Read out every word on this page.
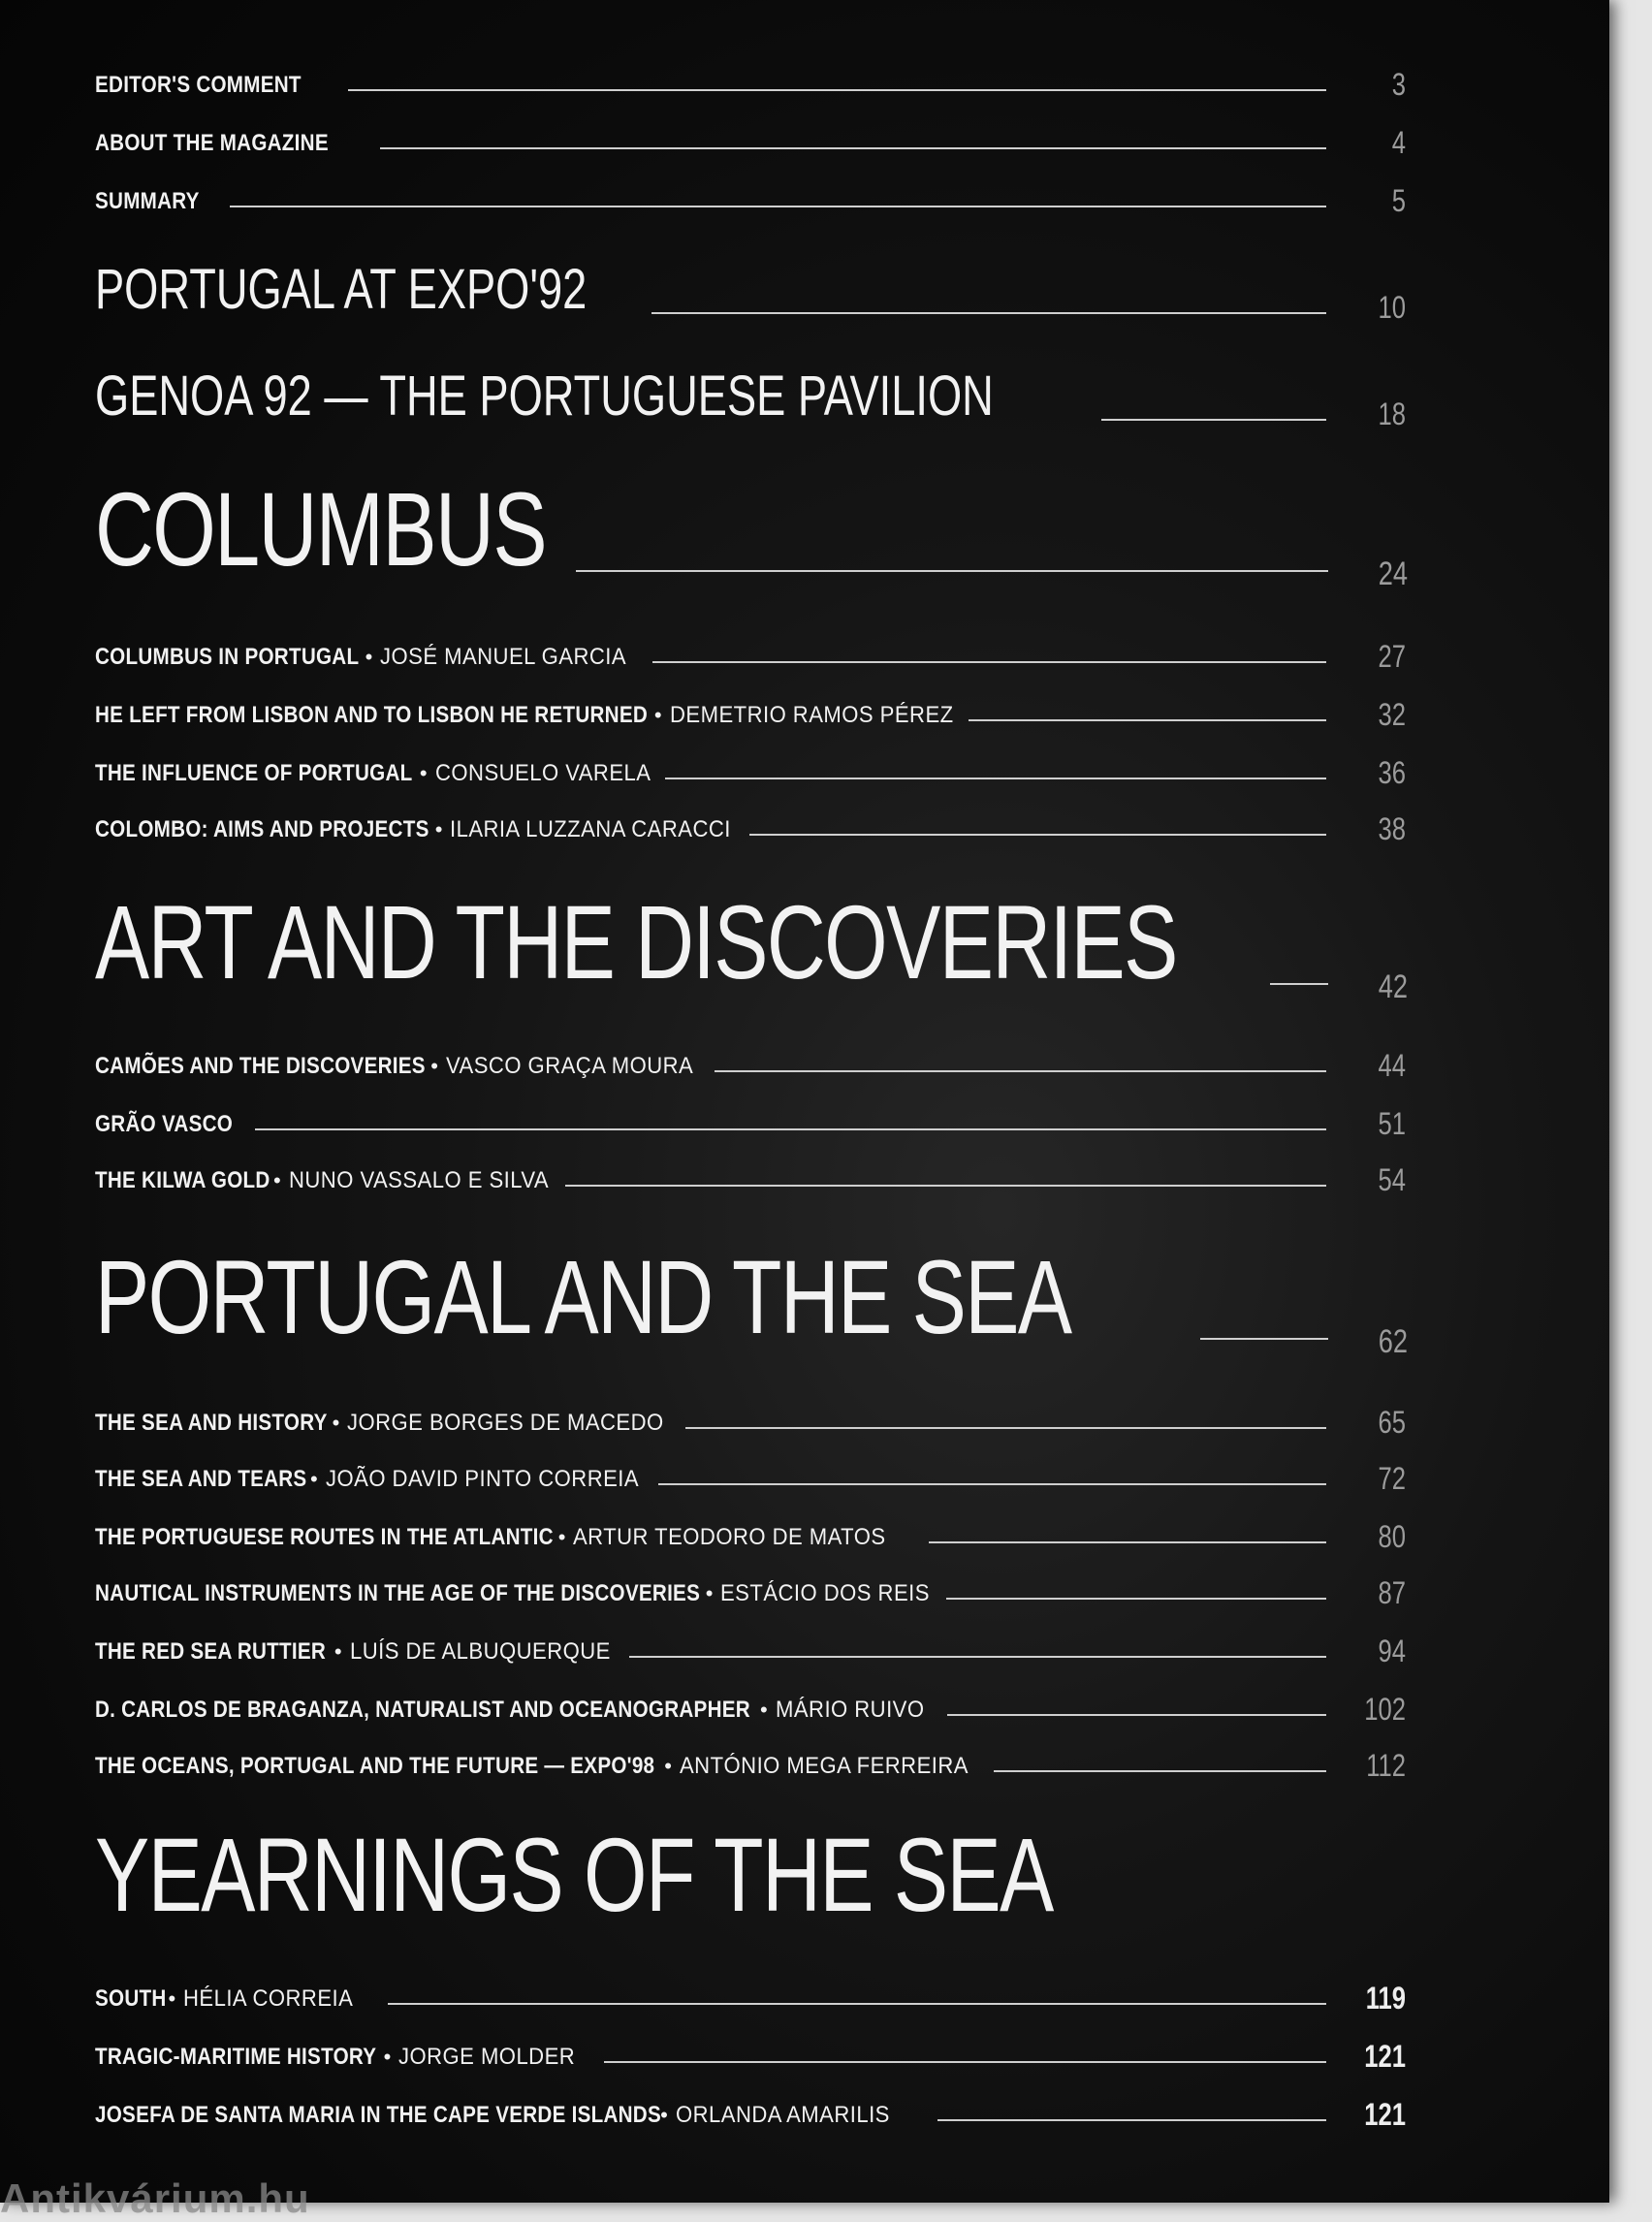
EDITOR'S COMMENT	3
ABOUT THE MAGAZINE	4
SUMMARY	5
PORTUGAL AT EXPO'92	10
GENOA 92 — THE PORTUGUESE PAVILION	18
COLUMBUS	24
COLUMBUS IN PORTUGAL • JOSÉ MANUEL GARCIA	27
HE LEFT FROM LISBON AND TO LISBON HE RETURNED • DEMETRIO RAMOS PÉREZ	32
THE INFLUENCE OF PORTUGAL • CONSUELO VARELA	36
COLOMBO: AIMS AND PROJECTS • ILARIA LUZZANA CARACCI	38
ART AND THE DISCOVERIES	42
CAMÕES AND THE DISCOVERIES • VASCO GRAÇA MOURA	44
GRÃO VASCO	51
THE KILWA GOLD • NUNO VASSALO E SILVA	54
PORTUGAL AND THE SEA	62
THE SEA AND HISTORY • JORGE BORGES DE MACEDO	65
THE SEA AND TEARS • JOÃO DAVID PINTO CORREIA	72
THE PORTUGUESE ROUTES IN THE ATLANTIC • ARTUR TEODORO DE MATOS	80
NAUTICAL INSTRUMENTS IN THE AGE OF THE DISCOVERIES • ESTÁCIO DOS REIS	87
THE RED SEA RUTTIER • LUÍS DE ALBUQUERQUE	94
D. CARLOS DE BRAGANZA, NATURALIST AND OCEANOGRAPHER • MÁRIO RUIVO	102
THE OCEANS, PORTUGAL AND THE FUTURE — EXPO'98 • ANTÓNIO MEGA FERREIRA	112
YEARNINGS OF THE SEA
SOUTH • HÉLIA CORREIA	119
TRAGIC-MARITIME HISTORY • JORGE MOLDER	121
JOSEFA DE SANTA MARIA IN THE CAPE VERDE ISLANDS • ORLANDA AMARILIS	121
Antikvárium.hu
